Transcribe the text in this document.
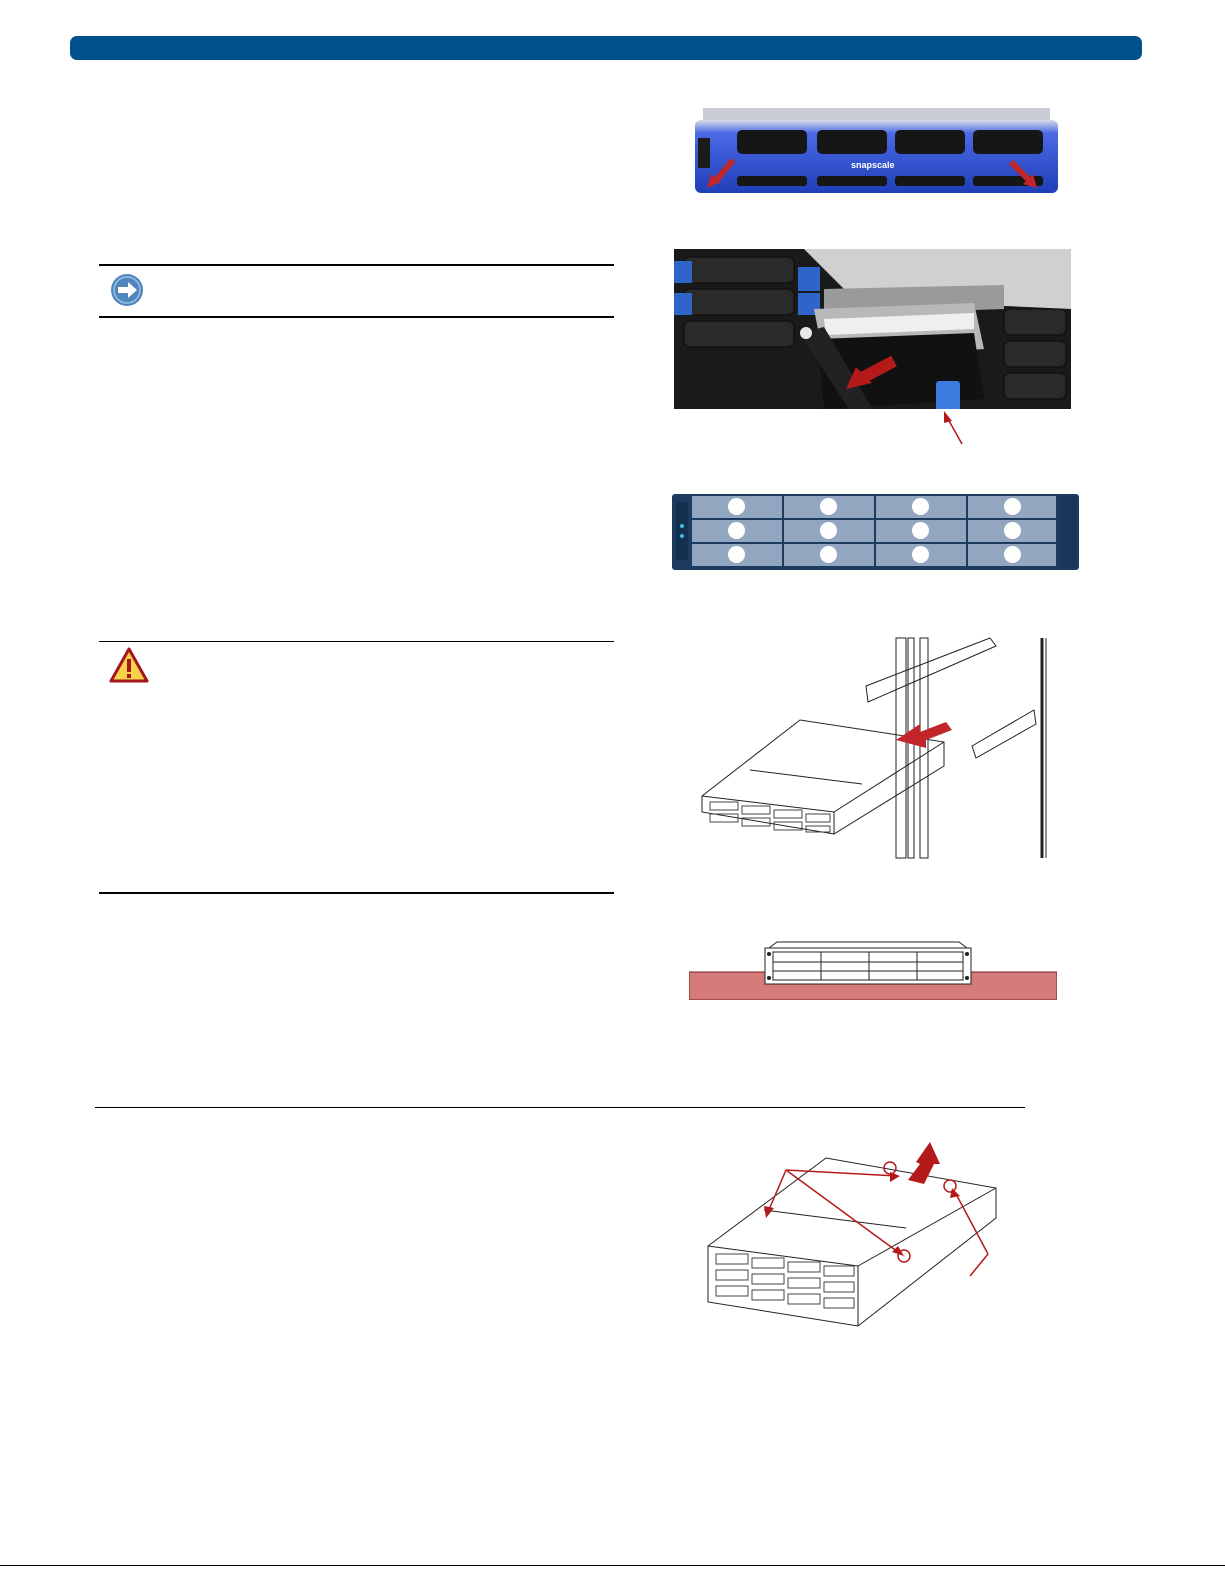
snapscale
